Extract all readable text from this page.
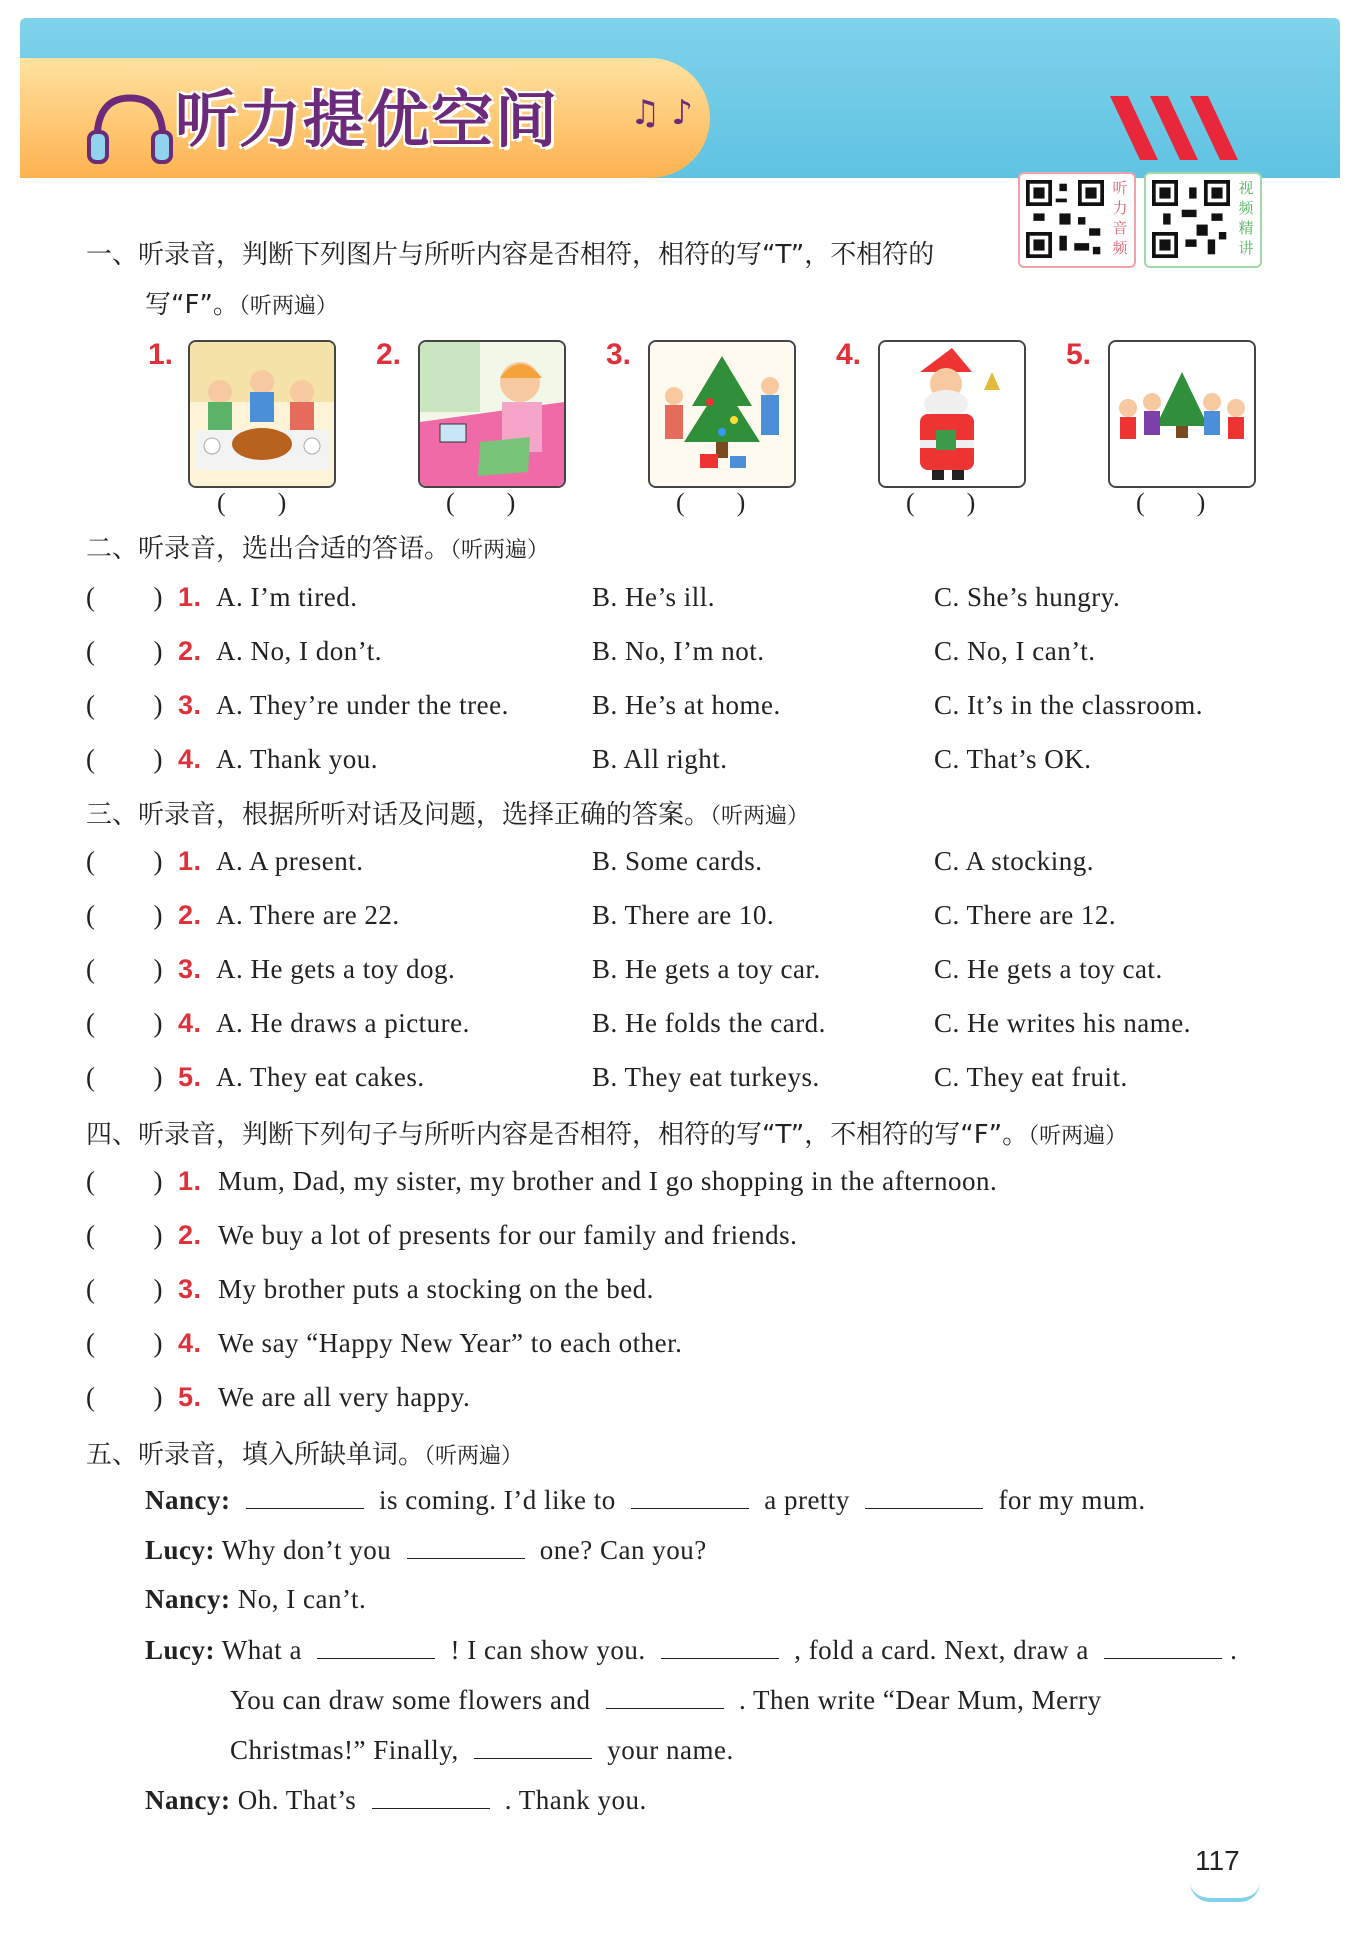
听力提优空间 ♫ ♪
听力音频
视频精讲
一、听录音，判断下列图片与所听内容是否相符，相符的写“T”，不相符的
写“F”。（听两遍）
1.
(        )
2.
(        )
3.
(        )
4.
(        )
5.
(        )
二、听录音，选出合适的答语。（听两遍）
(        ) 1. A. I’m tired.	B. He’s ill.	C. She’s hungry.
(        ) 2. A. No, I don’t.	B. No, I’m not.	C. No, I can’t.
(        ) 3. A. They’re under the tree.	B. He’s at home.	C. It’s in the classroom.
(        ) 4. A. Thank you.	B. All right.	C. That’s OK.
三、听录音，根据所听对话及问题，选择正确的答案。（听两遍）
(        ) 1. A. A present.	B. Some cards.	C. A stocking.
(        ) 2. A. There are 22.	B. There are 10.	C. There are 12.
(        ) 3. A. He gets a toy dog.	B. He gets a toy car.	C. He gets a toy cat.
(        ) 4. A. He draws a picture.	B. He folds the card.	C. He writes his name.
(        ) 5. A. They eat cakes.	B. They eat turkeys.	C. They eat fruit.
四、听录音，判断下列句子与所听内容是否相符，相符的写“T”，不相符的写“F”。（听两遍）
(        ) 1. Mum, Dad, my sister, my brother and I go shopping in the afternoon.
(        ) 2. We buy a lot of presents for our family and friends.
(        ) 3. My brother puts a stocking on the bed.
(        ) 4. We say “Happy New Year” to each other.
(        ) 5. We are all very happy.
五、听录音，填入所缺单词。（听两遍）
Nancy:	is coming. I’d like to	a pretty	for my mum.
Lucy: Why don’t you	one? Can you?
Nancy: No, I can’t.
Lucy: What a	! I can show you.	, fold a card. Next, draw a	.
You can draw some flowers and	. Then write “Dear Mum, Merry
Christmas!” Finally,	your name.
Nancy: Oh. That’s	. Thank you.
117
